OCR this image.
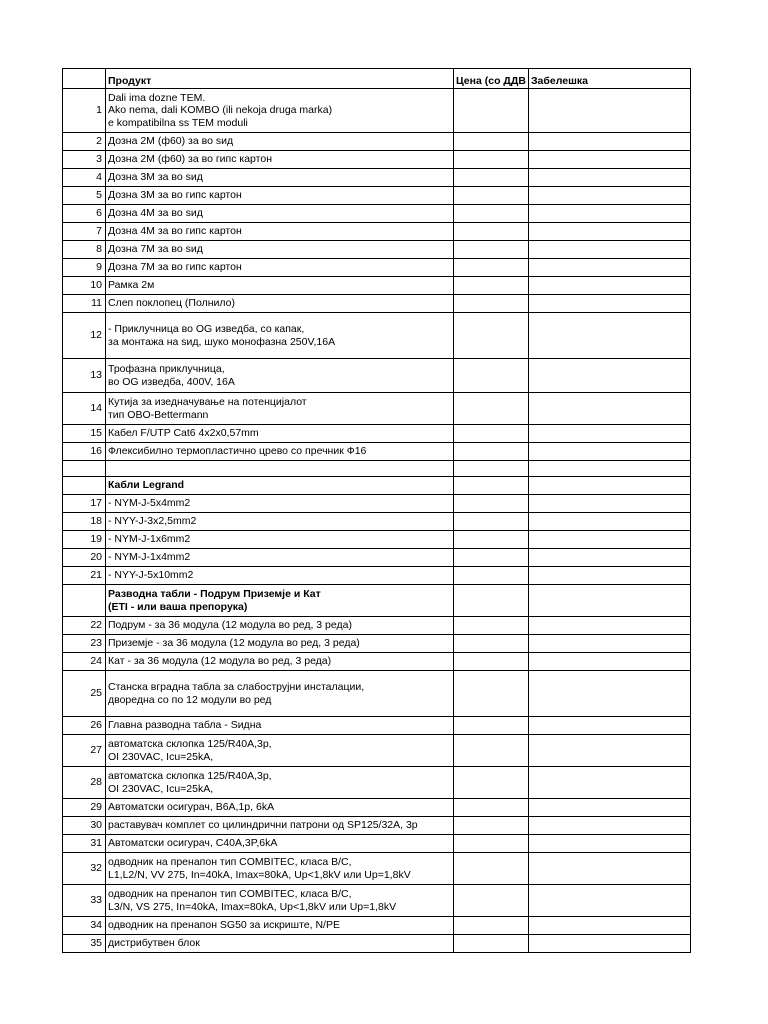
	Продукт	Цена (со ДДВ	Забелешка
1	Dali ima dozne TEM.
Ako nema, dali KOMBO (ili nekoja druga marka)
e kompatibilna ss TEM moduli		
2	Дозна 2М (ф60) за во ѕид		
3	Дозна 2М (ф60) за во гипс картон		
4	Дозна 3М за во ѕид		
5	Дозна 3М за во гипс картон		
6	Дозна 4М за во ѕид		
7	Дозна 4М за во гипс картон		
8	Дозна 7М за во ѕид		
9	Дозна 7М за во гипс картон		
10	Рамка 2м		
11	Слеп поклопец (Полнило)		
12	- Приклучница во OG изведба, со капак,
за монтажа на ѕид, шуко монофазна 250V,16A		
13	Трофазна приклучница,
во OG изведба, 400V, 16A		
14	Кутија за изедначување на потенцијалот
тип OBO-Bettermann		
15	Кабел F/UTP Cat6 4x2x0,57mm		
16	Флексибилно термопластично црево со пречник Ф16		

	Кабли Legrand		
17	- NYM-J-5x4mm2		
18	- NYY-J-3x2,5mm2		
19	- NYM-J-1x6mm2		
20	- NYM-J-1x4mm2		
21	- NYY-J-5x10mm2		
	Разводна табли - Подрум Приземје и Кат
(ETI - или ваша препорука)		
22	Подрум - за 36 модула (12 модула во ред, 3 реда)		
23	Приземје - за 36 модула (12 модула во ред, 3 реда)		
24	Кат - за 36 модула (12 модула во ред, 3 реда)		
25	Станска вградна табла за слабострујни инсталации,
дворедна со по 12 модули во ред		
26	Главна разводна табла - Ѕидна		
27	автоматска склопка 125/R40A,3p,
OI 230VAC, Icu=25kA,		
28	автоматска склопка 125/R40A,3p,
OI 230VAC, Icu=25kA,		
29	Автоматски осигурач, B6A,1p, 6kA		
30	раставувач комплет со цилиндрични патрони од SP125/32A, 3p		
31	Автоматски осигурач, C40A,3P,6kA		
32	одводник на пренапон тип COMBITEC, класа B/C,
L1,L2/N, VV 275, In=40kA, Imax=80kA, Up<1,8kV или Up=1,8kV		
33	одводник на пренапон тип COMBITEC, класа B/C,
L3/N, VS 275, In=40kA, Imax=80kA, Up<1,8kV или Up=1,8kV		
34	одводник на пренапон SG50 за искриште, N/PE		
35	дистрибутвен блок		
